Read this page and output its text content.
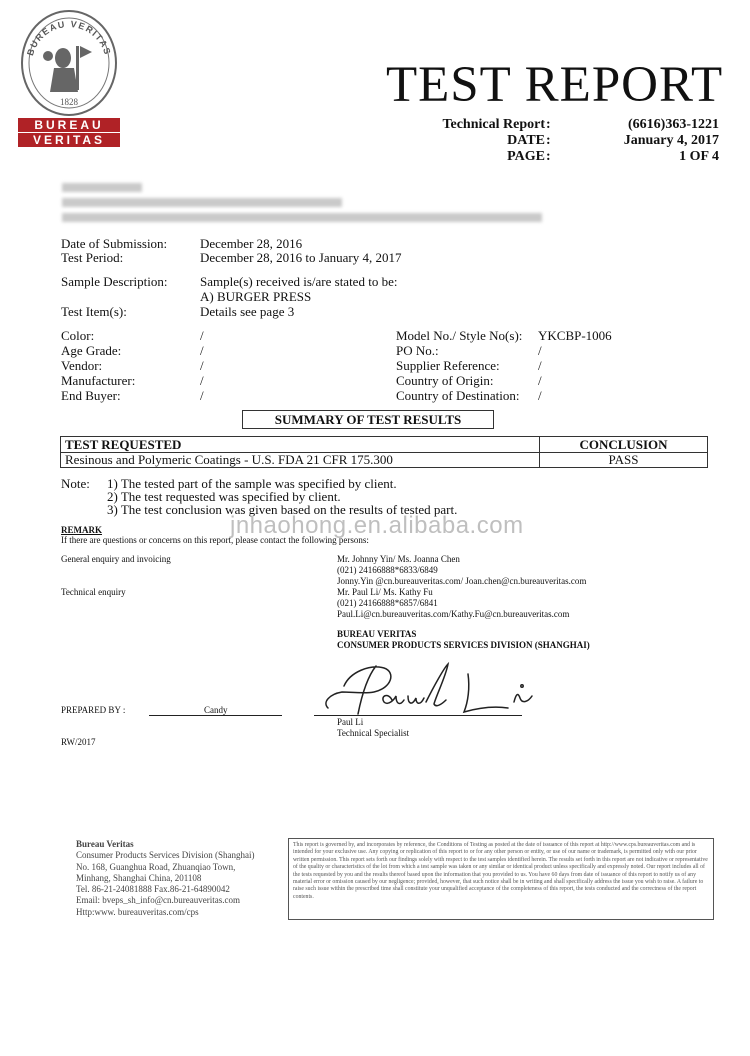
BUREAU VERITAS
1828
BUREAU
VERITAS
TEST REPORT
Technical Report :	(6616)363-1221
DATE :	January 4, 2017
PAGE :	1 OF 4
Date of Submission:	December 28, 2016
Test Period:	December 28, 2016 to January 4, 2017
Sample Description: Sample(s) received is/are stated to be:
A) BURGER PRESS
Test Item(s):	Details see page 3
Color:	/
Age Grade:	/
Vendor:	/
Manufacturer:	/
End Buyer:	/
Model No./ Style No(s): YKCBP-1006
PO No.:	/
Supplier Reference:	/
Country of Origin:	/
Country of Destination: /
SUMMARY OF TEST RESULTS
TEST REQUESTED	CONCLUSION
Resinous and Polymeric Coatings - U.S. FDA 21 CFR 175.300	PASS
Note: 1) The tested part of the sample was specified by client.
2) The test requested was specified by client.
3) The test conclusion was given based on the results of tested part.
jnhaohong.en.alibaba.com
REMARK
If there are questions or concerns on this report, please contact the following persons:
General enquiry and invoicing	Mr. Johnny Yin/ Ms. Joanna Chen
(021) 24166888*6833/6849
Jonny.Yin @cn.bureauveritas.com/ Joan.chen@cn.bureauveritas.com
Technical enquiry	Mr. Paul Li/ Ms. Kathy Fu
(021) 24166888*6857/6841
Paul.Li@cn.bureauveritas.com/Kathy.Fu@cn.bureauveritas.com
BUREAU VERITAS
CONSUMER PRODUCTS SERVICES DIVISION (SHANGHAI)
PREPARED BY :	Candy
Paul Li
Technical Specialist
RW/2017
Bureau Veritas
Consumer Products Services Division (Shanghai)
No. 168, Guanghua Road, Zhuanqiao Town,
Minhang, Shanghai China, 201108
Tel. 86-21-24081888 Fax.86-21-64890042
Email: bveps_sh_info@cn.bureauveritas.com
Http:www. bureauveritas.com/cps
This report is governed by, and incorporates by reference, the Conditions of Testing as posted at the date of issuance of this report at http://www.cps.bureauveritas.com and is intended for your exclusive use. Any copying or replication of this report to or for any other person or entity, or use of our name or trademark, is permitted only with our prior written permission. This report sets forth our findings solely with respect to the test samples identified herein. The results set forth in this report are not indicative or representative of the quality or characteristics of the lot from which a test sample was taken or any similar or identical product unless specifically and expressly noted. Our report includes all of the tests requested by you and the results thereof based upon the information that you provided to us. You have 60 days from date of issuance of this report to notify us of any material error or omission caused by our negligence; provided, however, that such notice shall be in writing and shall specifically address the issue you wish to raise. A failure to raise such issue within the prescribed time shall constitute your unqualified acceptance of the completeness of this report, the tests conducted and the correctness of the report contents.
